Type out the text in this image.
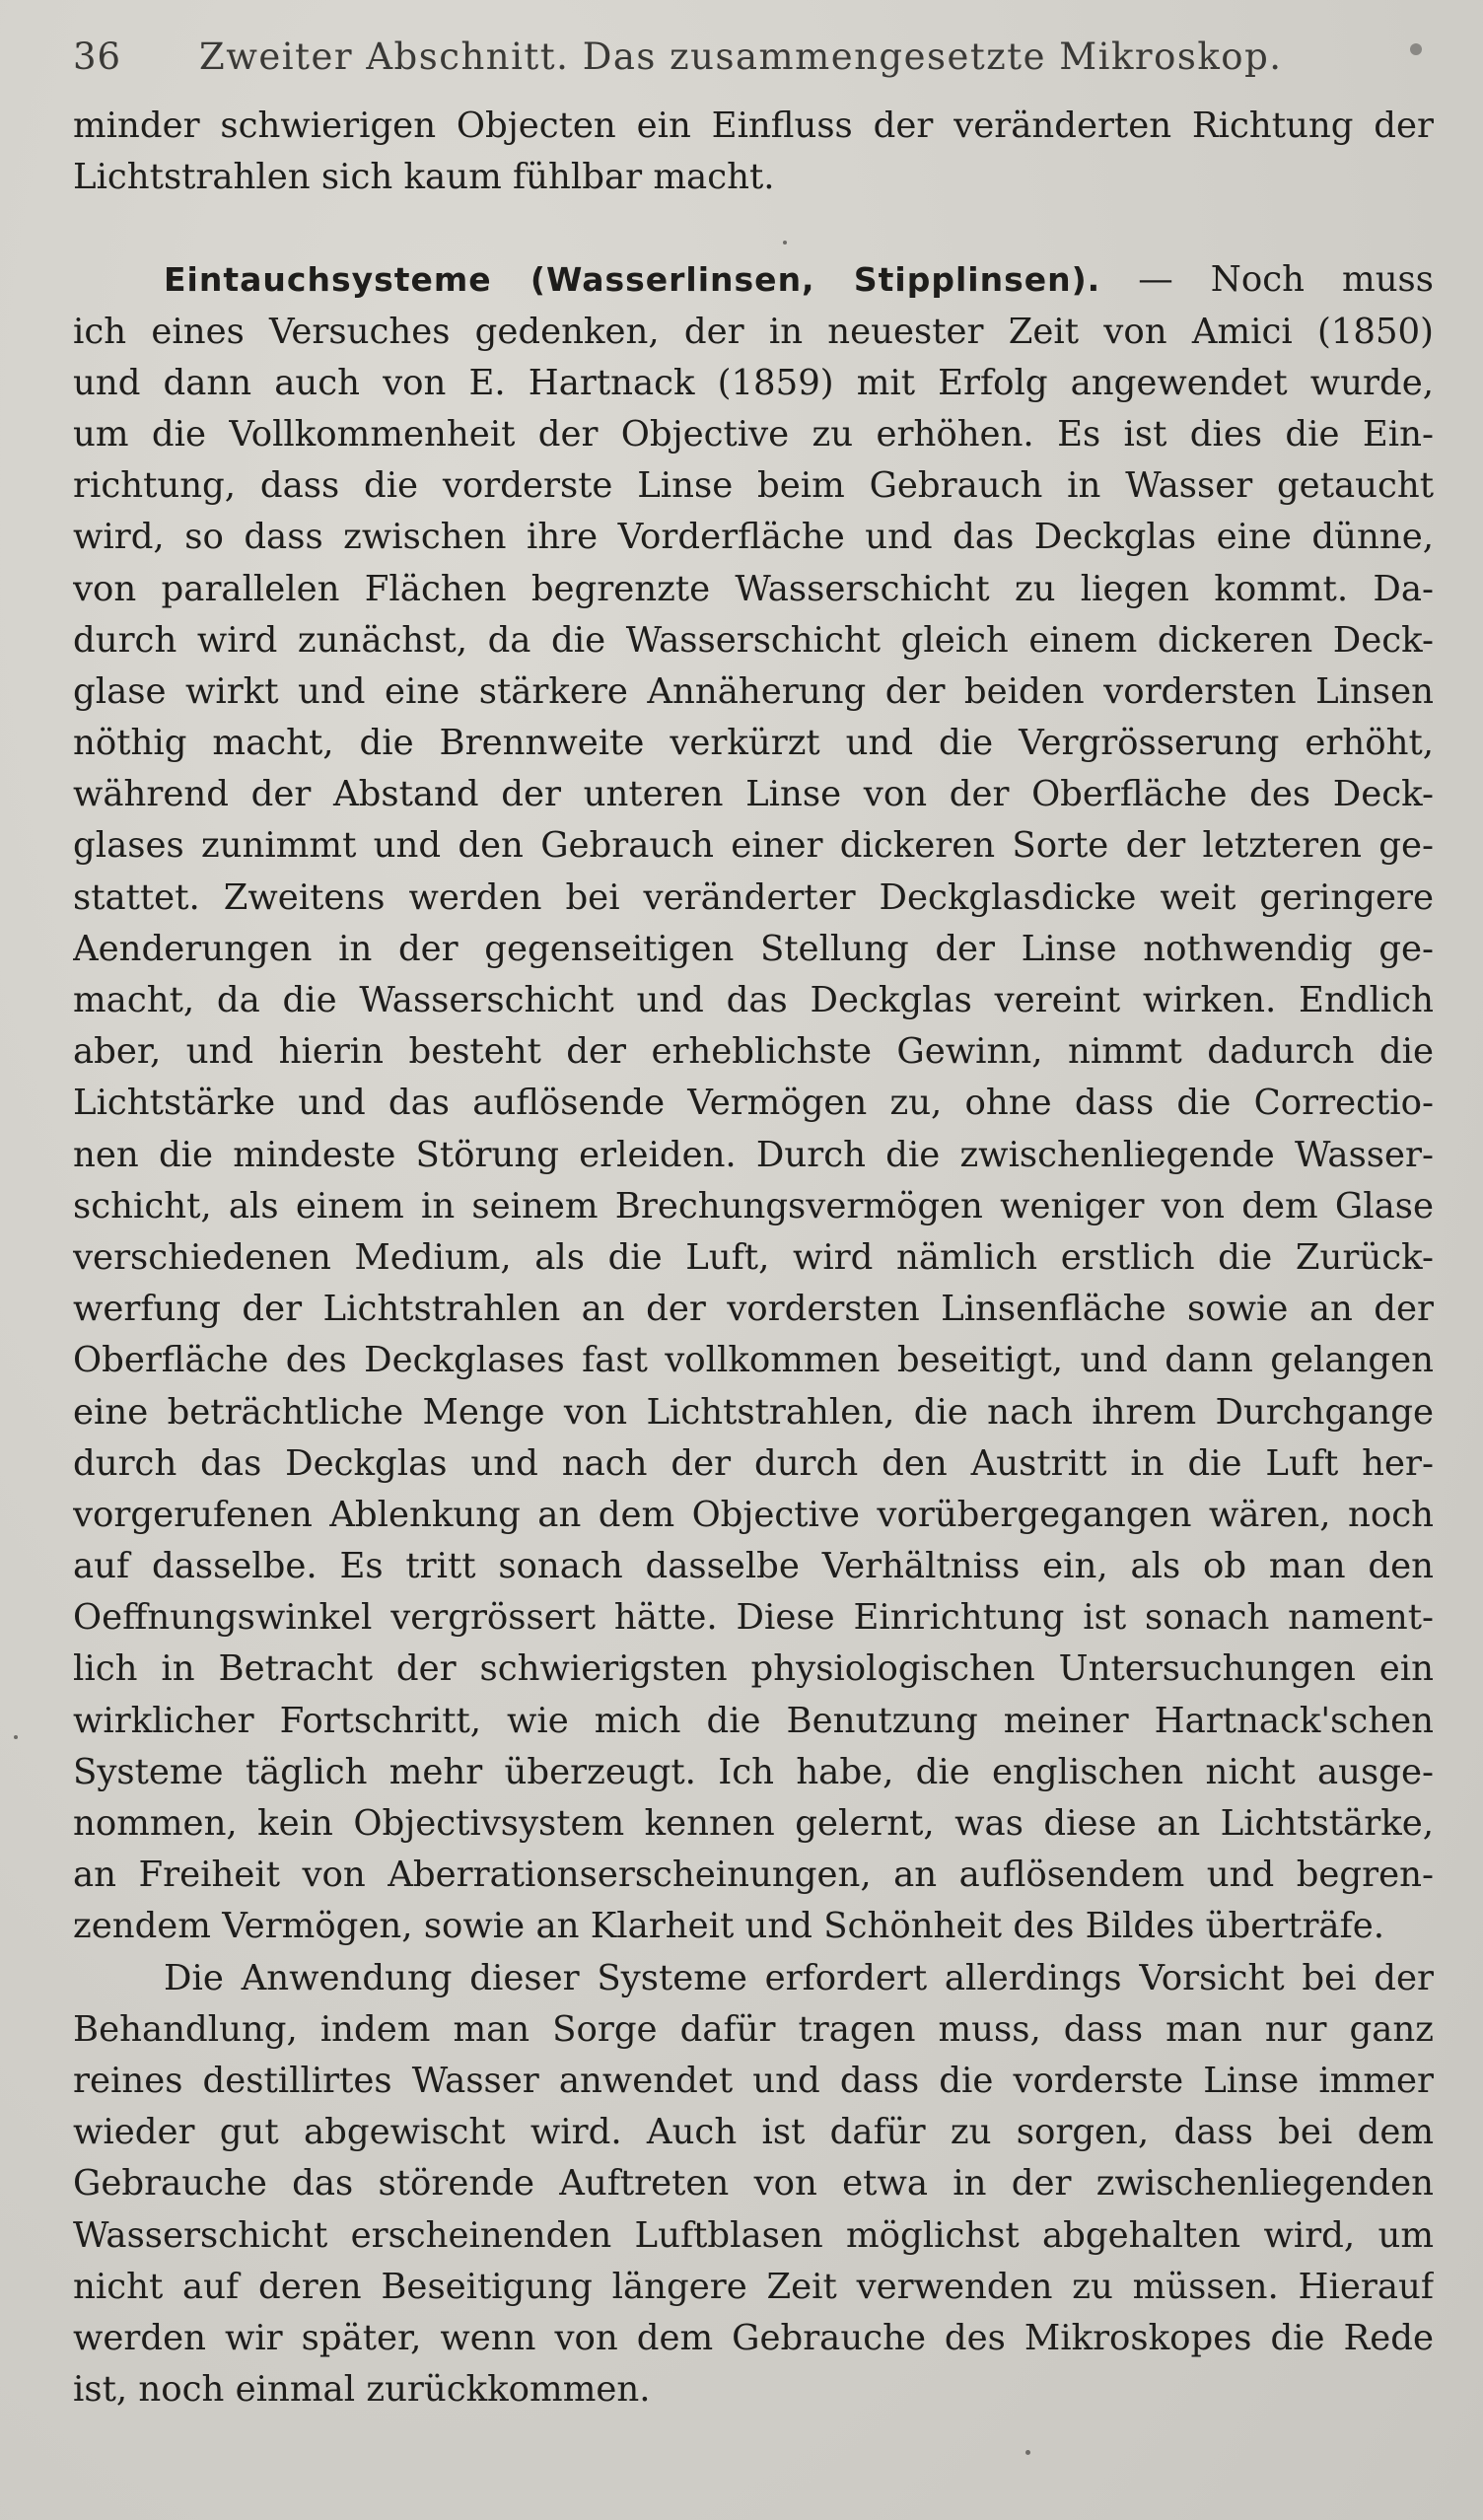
36	Zweiter Abschnitt. Das zusammengesetzte Mikroskop.
minder schwierigen Objecten ein Einfluss der veränderten Richtung der
Lichtstrahlen sich kaum fühlbar macht.
Eintauchsysteme (Wasserlinsen, Stipplinsen). — Noch muss
ich eines Versuches gedenken, der in neuester Zeit von Amici (1850)
und dann auch von E. Hartnack (1859) mit Erfolg angewendet wurde,
um die Vollkommenheit der Objective zu erhöhen. Es ist dies die Ein-
richtung, dass die vorderste Linse beim Gebrauch in Wasser getaucht
wird, so dass zwischen ihre Vorderfläche und das Deckglas eine dünne,
von parallelen Flächen begrenzte Wasserschicht zu liegen kommt. Da-
durch wird zunächst, da die Wasserschicht gleich einem dickeren Deck-
glase wirkt und eine stärkere Annäherung der beiden vordersten Linsen
nöthig macht, die Brennweite verkürzt und die Vergrösserung erhöht,
während der Abstand der unteren Linse von der Oberfläche des Deck-
glases zunimmt und den Gebrauch einer dickeren Sorte der letzteren ge-
stattet. Zweitens werden bei veränderter Deckglasdicke weit geringere
Aenderungen in der gegenseitigen Stellung der Linse nothwendig ge-
macht, da die Wasserschicht und das Deckglas vereint wirken. Endlich
aber, und hierin besteht der erheblichste Gewinn, nimmt dadurch die
Lichtstärke und das auflösende Vermögen zu, ohne dass die Correctio-
nen die mindeste Störung erleiden. Durch die zwischenliegende Wasser-
schicht, als einem in seinem Brechungsvermögen weniger von dem Glase
verschiedenen Medium, als die Luft, wird nämlich erstlich die Zurück-
werfung der Lichtstrahlen an der vordersten Linsenfläche sowie an der
Oberfläche des Deckglases fast vollkommen beseitigt, und dann gelangen
eine beträchtliche Menge von Lichtstrahlen, die nach ihrem Durchgange
durch das Deckglas und nach der durch den Austritt in die Luft her-
vorgerufenen Ablenkung an dem Objective vorübergegangen wären, noch
auf dasselbe. Es tritt sonach dasselbe Verhältniss ein, als ob man den
Oeffnungswinkel vergrössert hätte. Diese Einrichtung ist sonach nament-
lich in Betracht der schwierigsten physiologischen Untersuchungen ein
wirklicher Fortschritt, wie mich die Benutzung meiner Hartnack'schen
Systeme täglich mehr überzeugt. Ich habe, die englischen nicht ausge-
nommen, kein Objectivsystem kennen gelernt, was diese an Lichtstärke,
an Freiheit von Aberrationserscheinungen, an auflösendem und begren-
zendem Vermögen, sowie an Klarheit und Schönheit des Bildes überträfe.
Die Anwendung dieser Systeme erfordert allerdings Vorsicht bei der
Behandlung, indem man Sorge dafür tragen muss, dass man nur ganz
reines destillirtes Wasser anwendet und dass die vorderste Linse immer
wieder gut abgewischt wird. Auch ist dafür zu sorgen, dass bei dem
Gebrauche das störende Auftreten von etwa in der zwischenliegenden
Wasserschicht erscheinenden Luftblasen möglichst abgehalten wird, um
nicht auf deren Beseitigung längere Zeit verwenden zu müssen. Hierauf
werden wir später, wenn von dem Gebrauche des Mikroskopes die Rede
ist, noch einmal zurückkommen.
